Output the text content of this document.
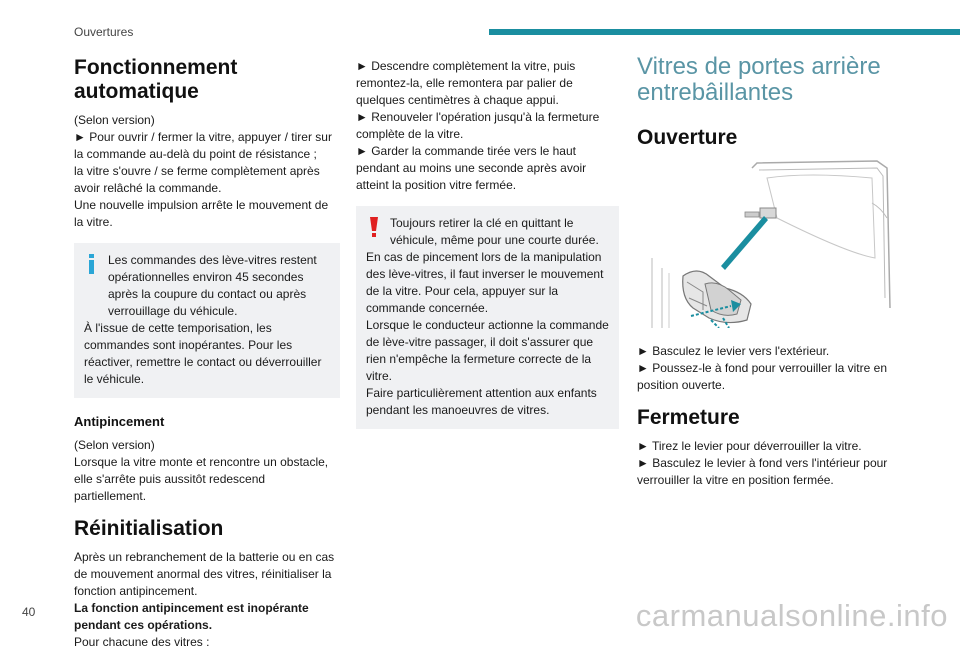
Ouvertures

Fonctionnement
automatique

(Selon version)

► Pour ouvrir / fermer la vitre, appuyer / tirer sur la commande au-delà du point de résistance ;

la vitre s'ouvre / se ferme complètement après avoir relâché la commande.

Une nouvelle impulsion arrête le mouvement de la vitre.

Les commandes des lève-vitres restent opérationnelles environ 45 secondes après la coupure du contact ou après verrouillage du véhicule.

À l'issue de cette temporisation, les commandes sont inopérantes. Pour les réactiver, remettre le contact ou déverrouiller le véhicule.

Antipincement

(Selon version)

Lorsque la vitre monte et rencontre un obstacle, elle s'arrête puis aussitôt redescend partiellement.

Réinitialisation

Après un rebranchement de la batterie ou en cas de mouvement anormal des vitres, réinitialiser la fonction antipincement.

La fonction antipincement est inopérante pendant ces opérations.

Pour chacune des vitres :

► Descendre complètement la vitre, puis remontez-la, elle remontera par palier de quelques centimètres à chaque appui.

► Renouveler l'opération jusqu'à la fermeture complète de la vitre.

► Garder la commande tirée vers le haut pendant au moins une seconde après avoir atteint la position vitre fermée.

Toujours retirer la clé en quittant le véhicule, même pour une courte durée.

En cas de pincement lors de la manipulation des lève-vitres, il faut inverser le mouvement de la vitre. Pour cela, appuyer sur la commande concernée.

Lorsque le conducteur actionne la commande de lève-vitre passager, il doit s'assurer que rien n'empêche la fermeture correcte de la vitre.

Faire particulièrement attention aux enfants pendant les manoeuvres de vitres.

Vitres de portes arrière
entrebâillantes
Ouverture

► Basculez le levier vers l'extérieur.

► Poussez-le à fond pour verrouiller la vitre en position ouverte.

Fermeture

► Tirez le levier pour déverrouiller la vitre.

► Basculez le levier à fond vers l'intérieur pour verrouiller la vitre en position fermée.

40	carmanualsonline.info
